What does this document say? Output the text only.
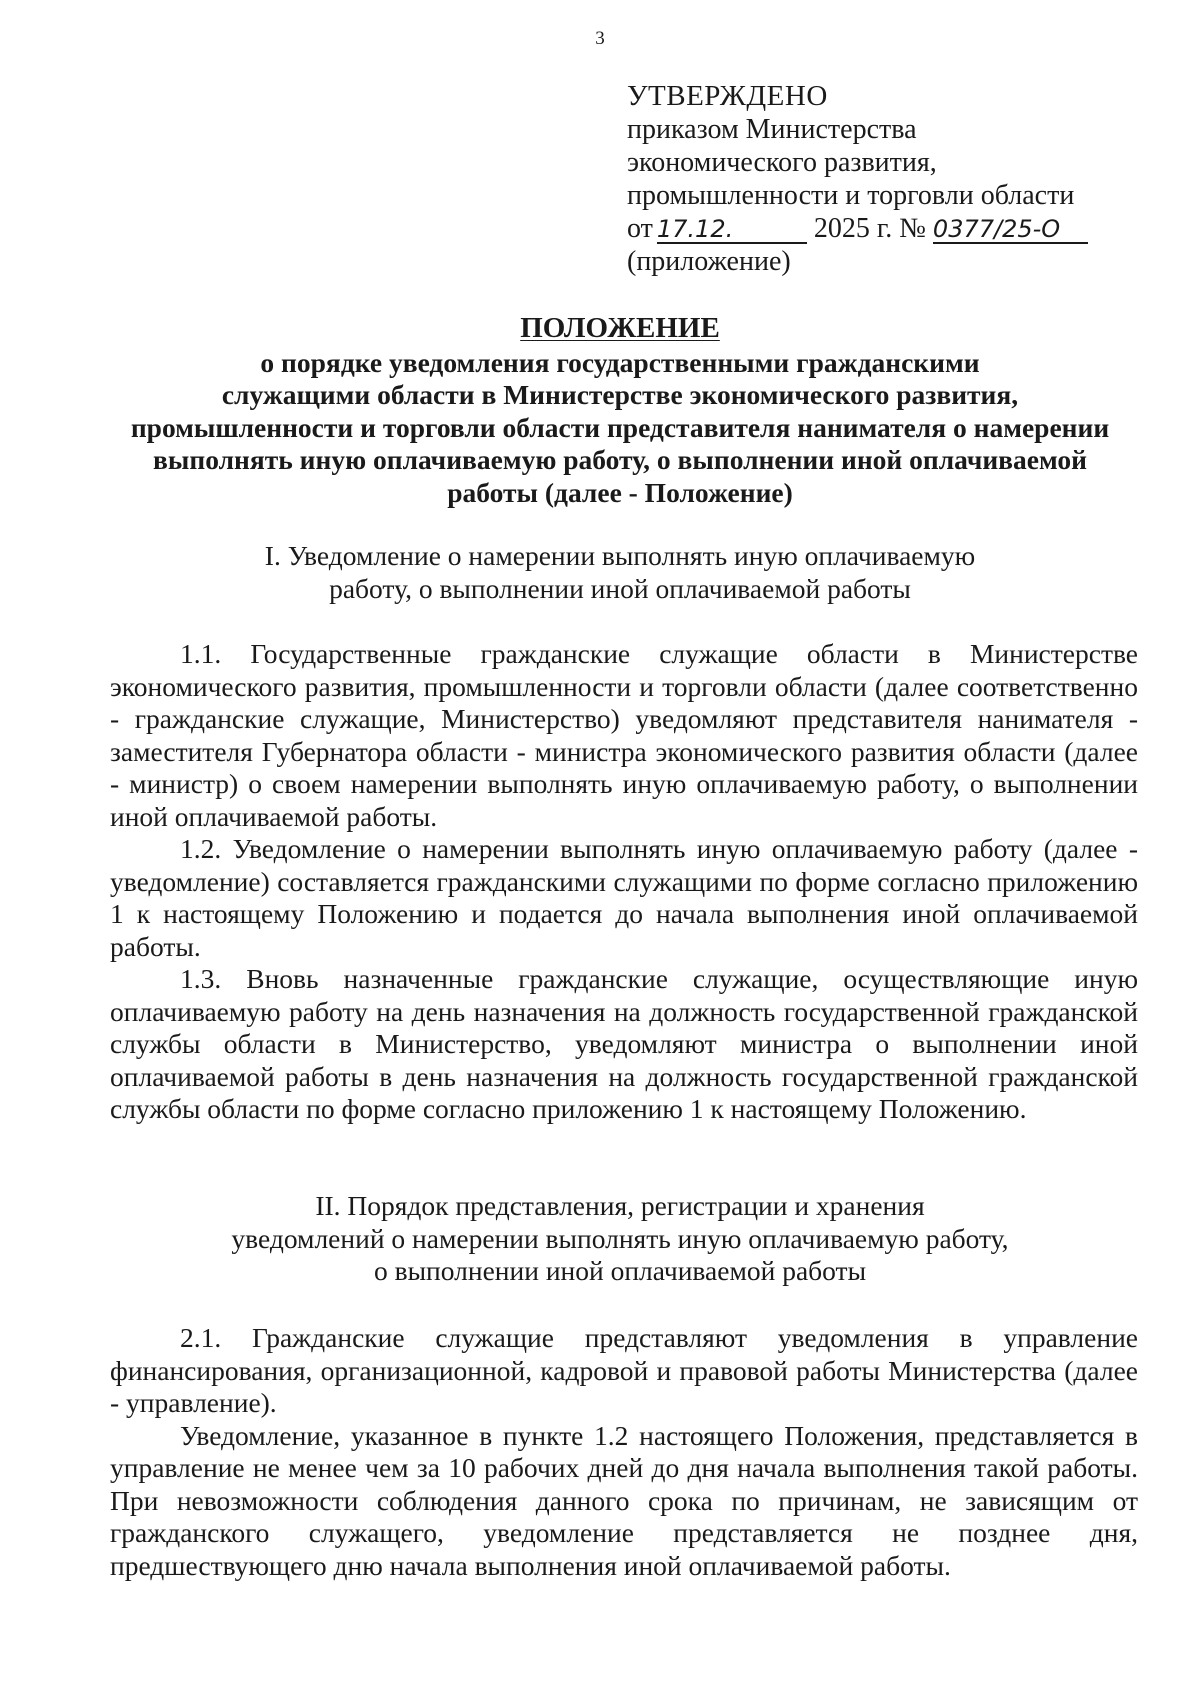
3
УТВЕРЖДЕНО
приказом Министерства
экономического развития,
промышленности и торговли области
от 17.12.	2025 г. № 0377/25-О
(приложение)
ПОЛОЖЕНИЕ
о порядке уведомления государственными гражданскими
служащими области в Министерстве экономического развития,
промышленности и торговли области представителя нанимателя о намерении
выполнять иную оплачиваемую работу, о выполнении иной оплачиваемой
работы (далее - Положение)
I. Уведомление о намерении выполнять иную оплачиваемую
работу, о выполнении иной оплачиваемой работы

1.1. Государственные гражданские служащие области в Министерстве экономического развития, промышленности и торговли области (далее соответственно - гражданские служащие, Министерство) уведомляют представителя нанимателя - заместителя Губернатора области - министра экономического развития области (далее - министр) о своем намерении выполнять иную оплачиваемую работу, о выполнении иной оплачиваемой работы.

1.2. Уведомление о намерении выполнять иную оплачиваемую работу (далее - уведомление) составляется гражданскими служащими по форме согласно приложению 1 к настоящему Положению и подается до начала выполнения иной оплачиваемой работы.

1.3. Вновь назначенные гражданские служащие, осуществляющие иную оплачиваемую работу на день назначения на должность государственной гражданской службы области в Министерство, уведомляют министра о выполнении иной оплачиваемой работы в день назначения на должность государственной гражданской службы области по форме согласно приложению 1 к настоящему Положению.

II. Порядок представления, регистрации и хранения
уведомлений о намерении выполнять иную оплачиваемую работу,
о выполнении иной оплачиваемой работы

2.1. Гражданские служащие представляют уведомления в управление финансирования, организационной, кадровой и правовой работы Министерства (далее - управление).

Уведомление, указанное в пункте 1.2 настоящего Положения, представляется в управление не менее чем за 10 рабочих дней до дня начала выполнения такой работы. При невозможности соблюдения данного срока по причинам, не зависящим от гражданского служащего, уведомление представляется не позднее дня, предшествующего дню начала выполнения иной оплачиваемой работы.
